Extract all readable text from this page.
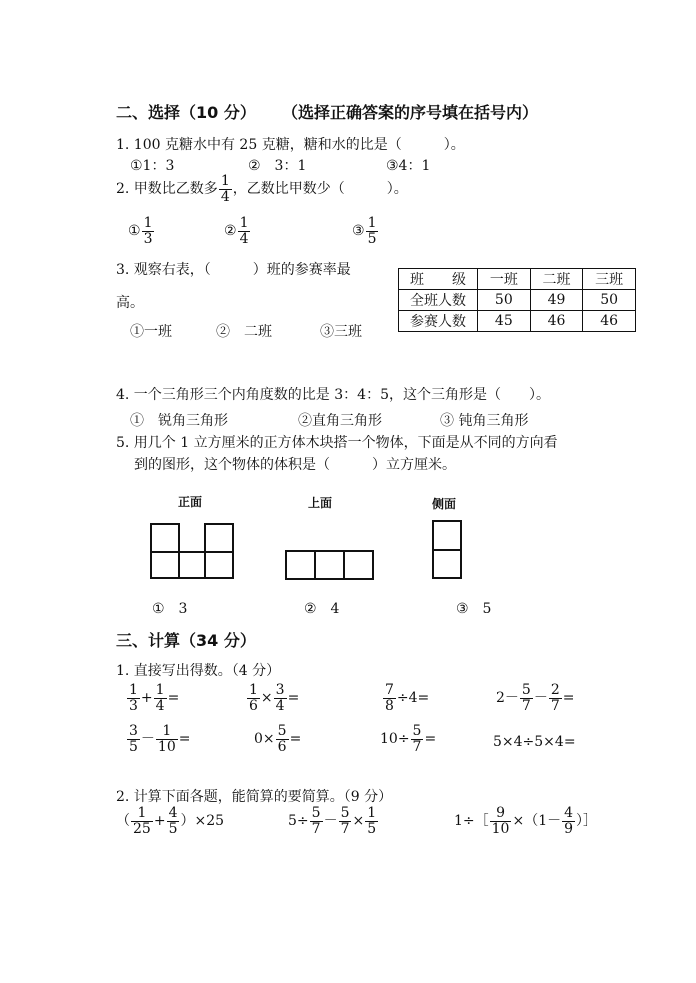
二、选择（10 分） （选择正确答案的序号填在括号内）
1. 100 克糖水中有 25 克糖，糖和水的比是（　　　）。
①1：3	②　3：1	③4：1
2. 甲数比乙数多 $\frac{1}{4}$ ，乙数比甲数少（　　　）。
① $\frac{1}{3}$	② $\frac{1}{4}$	③ $\frac{1}{5}$
3. 观察右表，（　　　）班的参赛率最
高。
①一班	②　二班	③三班
班　　级	一班	二班	三班
全班人数	50	49	50
参赛人数	45	46	46
4. 一个三角形三个内角度数的比是 3：4：5，这个三角形是（　　）。
①　锐角三角形	②直角三角形	③ 钝角三角形
5. 用几个 1 立方厘米的正方体木块搭一个物体，下面是从不同的方向看
到的图形，这个物体的体积是（　　　）立方厘米。
正面	上面	侧面
①　3	②　4	③　5
三、计算（34 分）
1. 直接写出得数。（4 分）
$\frac{1}{3} + \frac{1}{4}$ =	$\frac{1}{6} \times \frac{3}{4}$ =	$\frac{7}{8} \div 4=$	$2- \frac{5}{7} - \frac{2}{7}$ =
$\frac{3}{5} - \frac{1}{10}$ =	$0\times \frac{5}{6}$ =	$10\div \frac{5}{7}$ =	5×4÷5×4=
2. 计算下面各题，能简算的要简算。（9 分）
（ $\frac{1}{25} + \frac{4}{5} )\times 25$	$5\div \frac{5}{7} - \frac{5}{7} \times \frac{1}{5}$	1÷［ $\frac{9}{10} \times(1- \frac{4}{9}$ ）］
